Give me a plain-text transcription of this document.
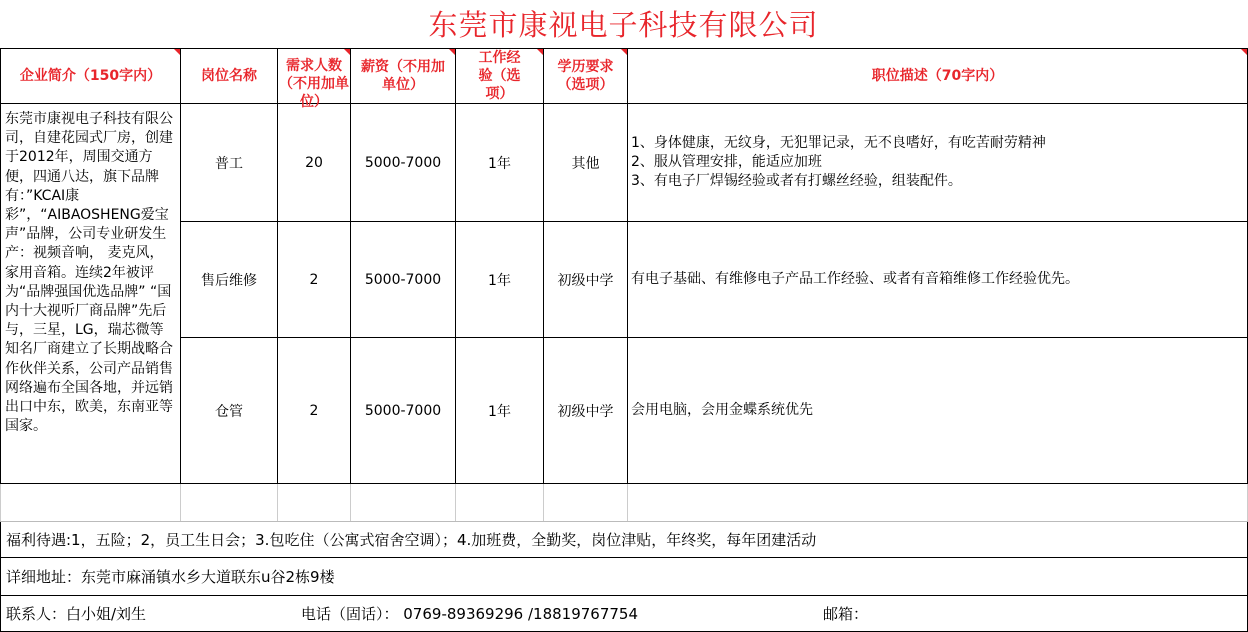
东莞市康视电子科技有限公司
企业简介（150字内）	岗位名称	需求人数（不用加单位）	薪资（不用加单位）	工作经验（选项）	学历要求（选项）	职位描述（70字内）

东莞市康视电子科技有限公司，自建花园式厂房，创建于2012年，周围交通方便，四通八达，旗下品牌有：”KCAI康彩”，“AIBAOSHENG爱宝声”品牌，公司专业研发生产：视频音响， 麦克风，家用音箱。连续2年被评为“品牌强国优选品牌” “国内十大视听厂商品牌”先后与，三星，LG，瑞芯微等知名厂商建立了长期战略合作伙伴关系，公司产品销售网络遍布全国各地，并远销出口中东，欧美，东南亚等国家。	普工	20	5000-7000	1年	其他	1、身体健康，无纹身，无犯罪记录，无不良嗜好，有吃苦耐劳精神
2、服从管理安排，能适应加班
3、有电子厂焊锡经验或者有打螺丝经验，组装配件。

	售后维修	2	5000-7000	1年	初级中学	有电子基础、有维修电子产品工作经验、或者有音箱维修工作经验优先。

	仓管	2	5000-7000	1年	初级中学	会用电脑，会用金蝶系统优先

福利待遇:1，五险；2，员工生日会；3.包吃住（公寓式宿舍空调）；4.加班费，全勤奖，岗位津贴，年终奖，每年团建活动						
详细地址：东莞市麻涌镇水乡大道联东u谷2栋9楼						
联系人：白小姐/刘生 电话（固话）： 0769-89369296 /18819767754 邮箱：						
